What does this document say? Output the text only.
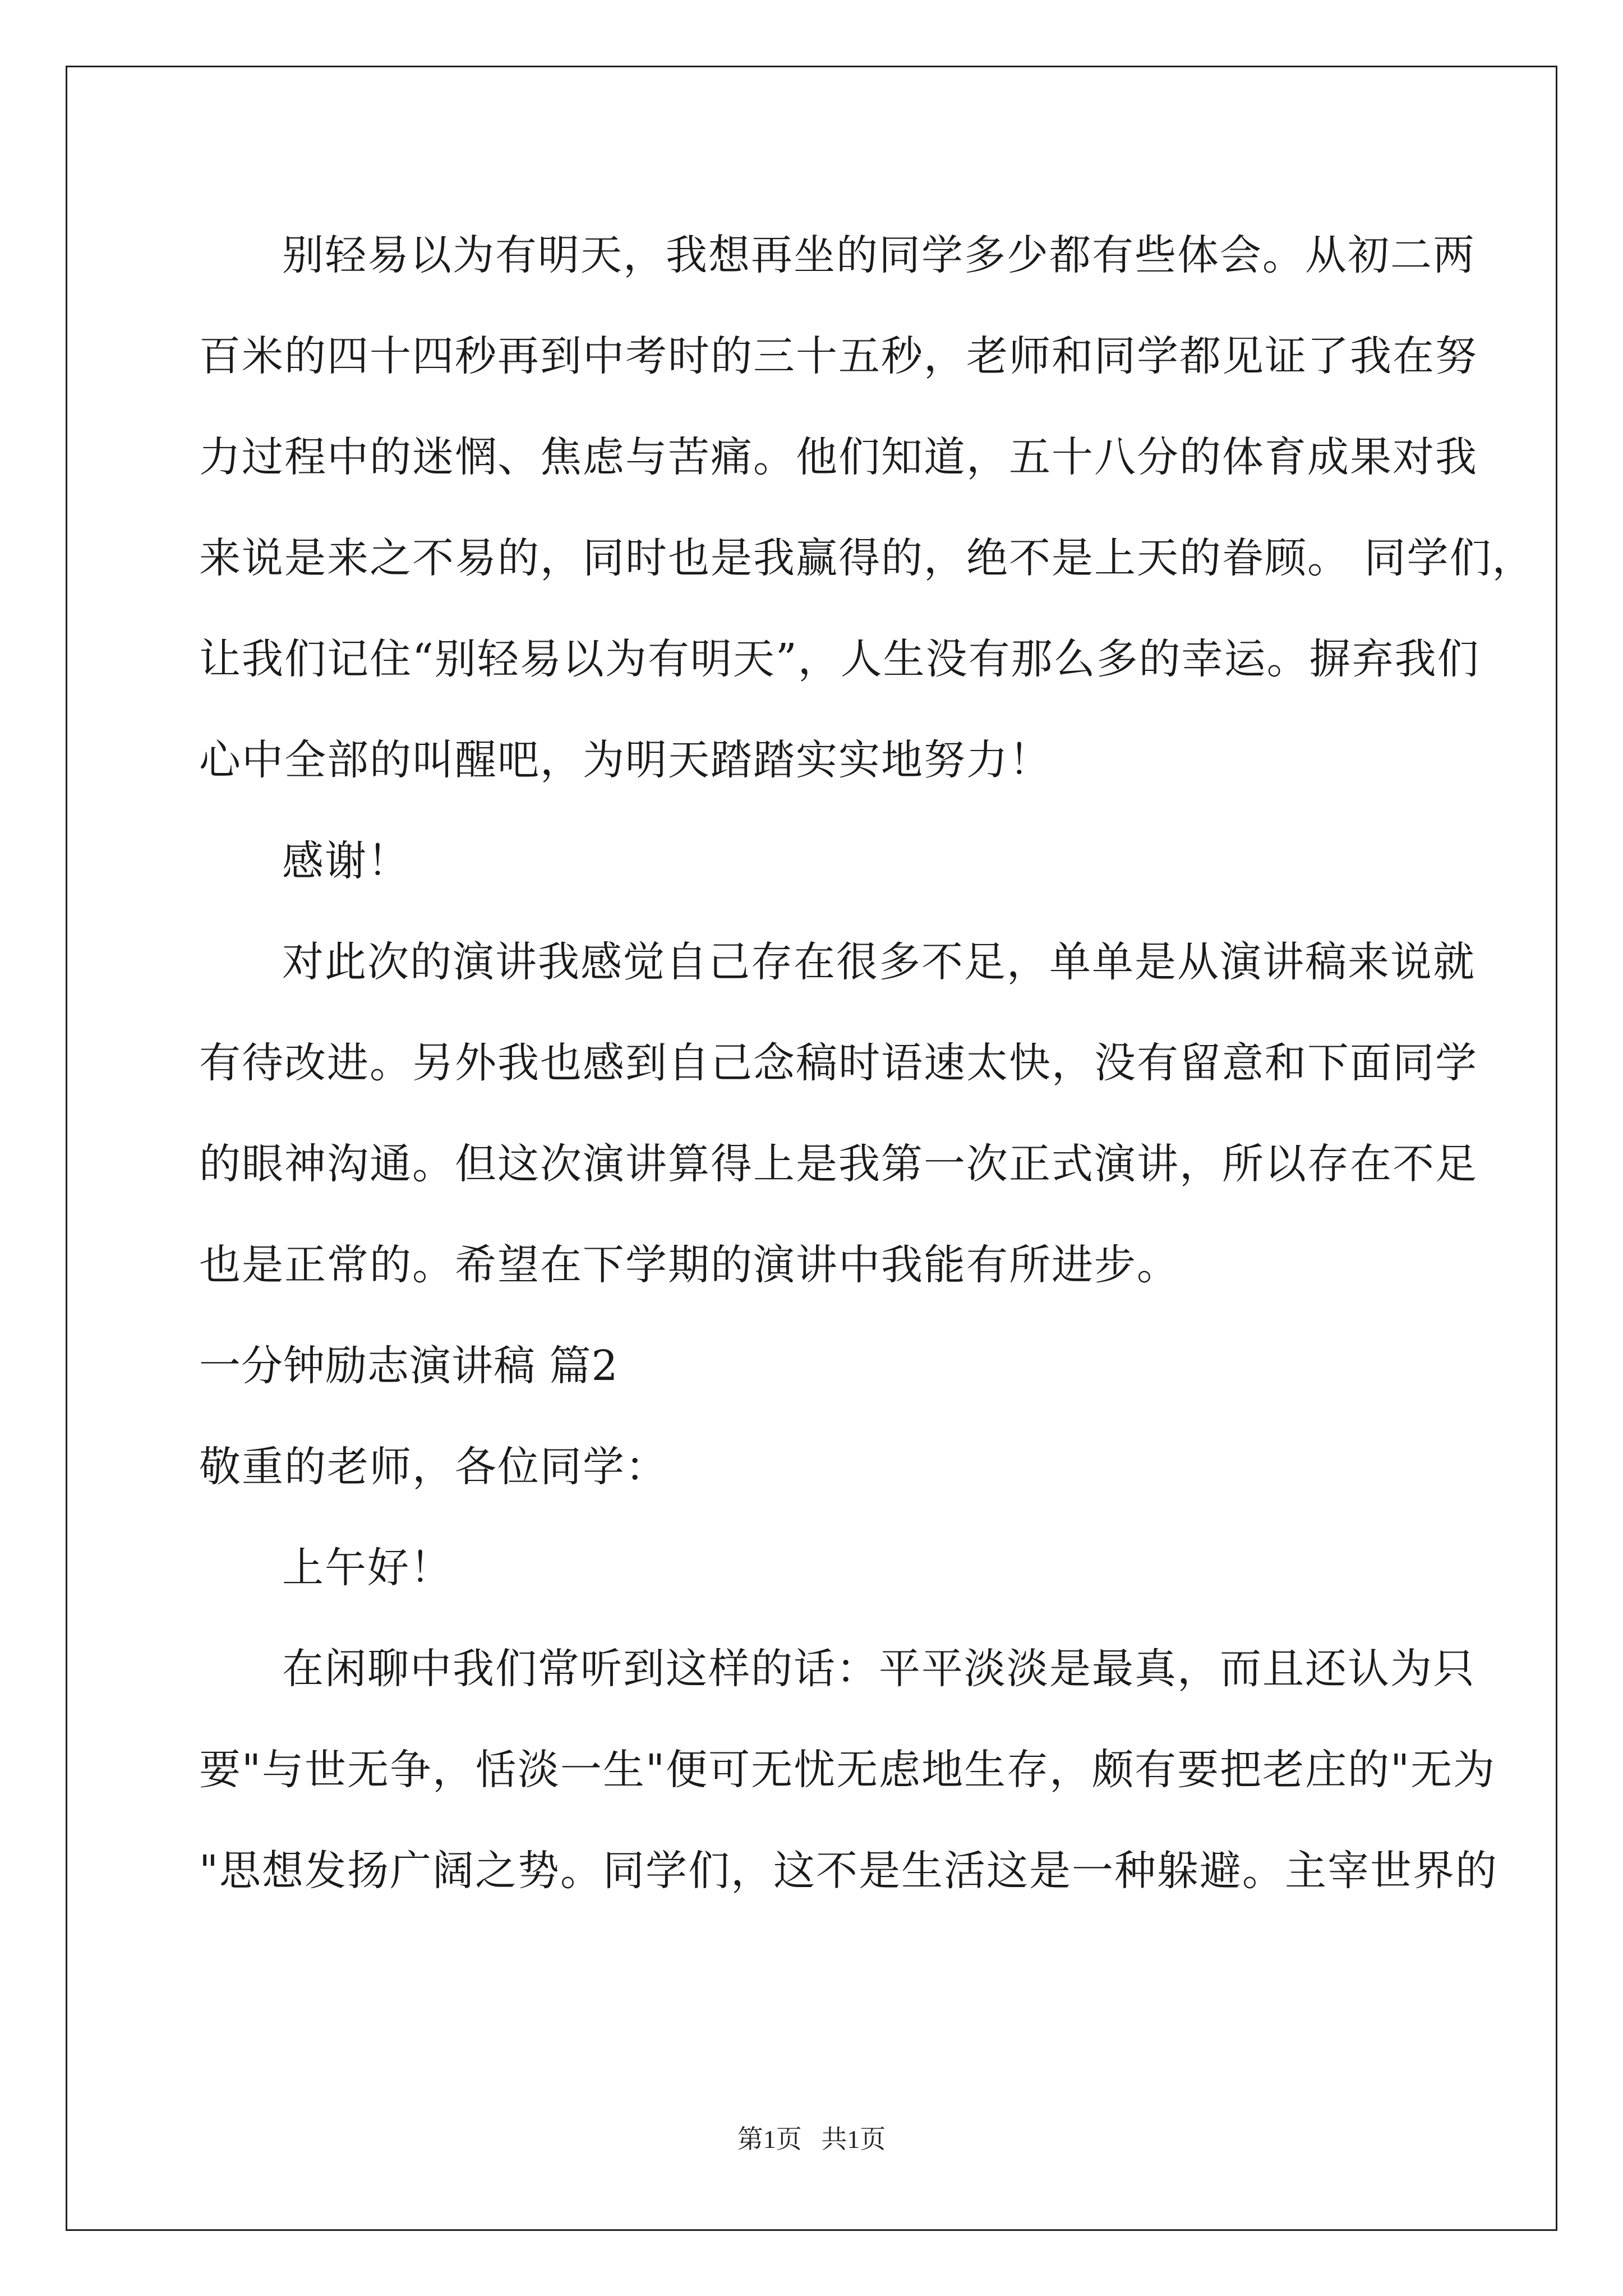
别轻易以为有明天，我想再坐的同学多少都有些体会。从初二两
百米的四十四秒再到中考时的三十五秒，老师和同学都见证了我在努
力过程中的迷惘、焦虑与苦痛。他们知道，五十八分的体育成果对我
来说是来之不易的，同时也是我赢得的，绝不是上天的眷顾。 同学们，
让我们记住“别轻易以为有明天”，人生没有那么多的幸运。摒弃我们
心中全部的叫醒吧，为明天踏踏实实地努力！
感谢！
对此次的演讲我感觉自己存在很多不足，单单是从演讲稿来说就
有待改进。另外我也感到自己念稿时语速太快，没有留意和下面同学
的眼神沟通。但这次演讲算得上是我第一次正式演讲，所以存在不足
也是正常的。希望在下学期的演讲中我能有所进步。
一分钟励志演讲稿 篇2
敬重的老师，各位同学：
上午好！
在闲聊中我们常听到这样的话：平平淡淡是最真，而且还认为只
要"与世无争，恬淡一生"便可无忧无虑地生存，颇有要把老庄的"无为
"思想发扬广阔之势。同学们，这不是生活这是一种躲避。主宰世界的
第1页   共1页
